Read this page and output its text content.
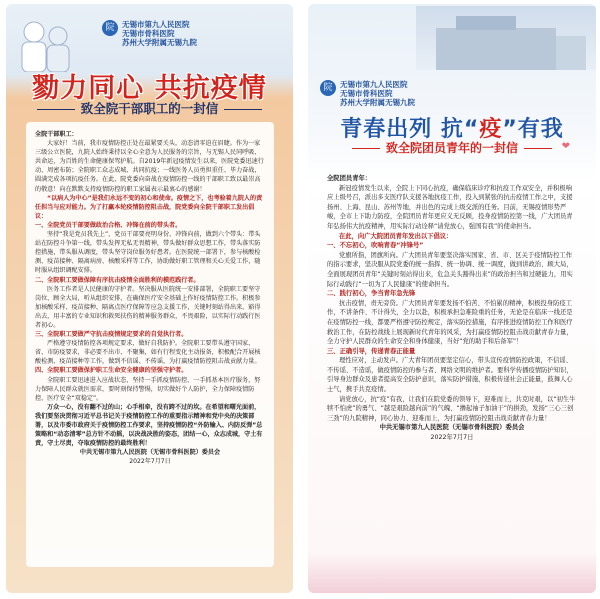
院	无锡市第九人民医院
无锡市骨科医院
苏州大学附属无锡九院
勠力同心 共抗疫情
致全院干部职工的一封信

全院干部职工：

大家好！当前，我市疫情防控正处在最紧要关头，动态清零迫在眉睫。作为一家三级公立医院，九院人始终秉持以全心全意为人民服务的宗旨，与无锡人民同呼吸、共命运，为百姓的生命健康保驾护航。自2019年新冠疫情发生以来，医院党委迅速行动、周密布防；全院职工众志成城、共同抗疫；一线医务人员勇担重任、毕力奋战，圆满完成各项抗疫任务。在此，院党委向奋战在疫情防控一线的干部职工致以最崇高的敬意！向在默默支持疫情防控的职工家属表示最衷心的感谢！

“以病人为中心”是我们永远不变的初心和使命。疫情之下，也考验着九院人的责任担当与应对能力。为了打赢本轮疫情防控阻击战，院党委向全院干部职工发出倡议：

一、全院党员干部要做政治合格、冲锋在前的带头者。

坚持“我是党员我先上”，党员干部要亮明身份、冲锋向前，做到六个带头：带头站在防控斗争第一线，带头发挥无私无畏精神，带头做好群众思想工作，带头落实防控措施，带头服从调度，带头坚守岗位服务好患者。在医院统一部署下，参与核酸检测、疫苗接种、隔离病房、核酸采样等工作，协助做好职工管理和关心关爱工作，随时服从组织调配安排。

二、全院职工要做保障有序抗击疫情全面胜利的模范践行者。

医务工作者是人民健康的守护者。坚决服从医院统一安排部署，全院职工要坚守岗位、顾全大局，听从组织安排，在确保医疗安全基础上作好疫情防控工作。积极参加核酸采样、疫苗接种、隔离点医疗保障等应急支援工作，关键时刻站得出来、豁得出去，用丰富的专业知识和救死扶伤的精神服务群众，不畏艰险，以实际行动践行医者初心。

三、全院职工要做严守抗击疫情规定要求的自觉执行者。

严格遵守疫情防控各项规定要求，做好自我防护。全院职工要带头遵守国家、省、市防疫要求，非必要不出市、不聚集，如有行程变化主动报备，积极配合开展核酸检测、疫苗接种等工作，做到不信谣、不传谣，为打赢疫情防控阻击战贡献力量。

四、全院职工要做保护职工生命安全健康的坚强守护者。

全院职工要迅速进入应战状态，坚持一手抓疫情防控、一手抓基本医疗服务，努力保障人民群众就医需求，要时刻保持警惕，切实做好个人防护，全力保障疫情防控、医疗安全“双稳定”。

万众一心，没有翻不过的山；心手相牵，没有跨不过的坎。在希望和曙光面前，我们要坚决贯彻习近平总书记关于疫情防控工作的重要指示精神和党中央的决策部署，以及市委市政府关于疫情防控工作要求，坚持疫情防控“外防输入、内防反弹”总策略和“动态清零”总方针不动摇，以决战决胜的姿态，团结一心，众志成城，守土有责，守土尽责，夺取疫情防控的最终胜利！

中共无锡市第九人民医院（无锡市骨科医院）委员会

2022年7月7日

院	无锡市第九人民医院
无锡市骨科医院
苏州大学附属无锡九院
青春出列 抗“疫”有我
致全院团员青年的一封信	❤

全院团员青年：

新冠疫情发生以来，全院上下同心抗疫，确保临床诊疗和抗疫工作双安全，并积极响应上级号召，派出多支医疗队支援各地抗疫工作，投入到紧张的抗击疫情工作之中，支援扬州、上海、昆山、苏州等地，并出色的完成上级交派的任务。目前，无锡疫情形势严峻，全市上下助力防疫，全院团员青年更应义无反顾，投身疫情防控第一线，广大团员青年弘扬伟大抗疫精神，用实际行动诠释“请党放心，强国有我”的使命担当。

在此，向广大院团员青年发出以下倡议：

一、不忘初心，吹响青春“冲锋号”

党旗所指，团旗所向。广大团员青年要坚决落实国家、省、市、区关于疫情防控工作的指示要求，坚决服从院党委的统一指挥、统一协调、统一调度，做到讲政治、顾大局，全面展现团员青年“关键时刻站得出来，危急关头豁得出来”的政治担当和过硬能力，用实际行动践行“一切为了人民健康”的使命担当。

二、践行初心，争当青年急先锋

抗击疫情，责无旁贷。广大团员青年要发扬不怕苦、不怕累的精神，积极投身防疫工作，不讲条件、不计得失，全力以赴，积极承担急难险重的任务，无论是在临床一线还是在疫情防控一线，都要严格遵守防控规定，落实防控措施，有序推进疫情防控工作和医疗救治工作，在防控战线上展现新时代青年的风采，为打赢疫情防控阻击战贡献青春力量，全力守护人民群众的生命安全和身体健康，当好“党的助手和后备军”！

三、正确引导，传递青春正能量

理性应对，主动发声。广大青年团员要坚定信心，带头宣传疫情防控政策，不信谣、不传谣、不造谣，做疫情防控的参与者、网络文明的维护者。要科学传播疫情防护知识，引导身边群众及患者提高安全防护意识，落实防护措施，积极传递社会正能量，鼓舞人心士气，携手共克疫情。

请党放心，抗“疫”有我，让我们在院党委的领导下，迎难而上，共克时艰，以“初生牛犊不怕虎”的勇气、“越是艰险越向前”的气魄、“撸起袖子加油干”的拼劲，发扬“三心三创三劲”的九院精神，同心协力、迎难而上，为打赢疫情防控阻击战贡献青春力量！

中共无锡市第九人民医院（无锡市骨科医院）委员会

2022年7月7日
